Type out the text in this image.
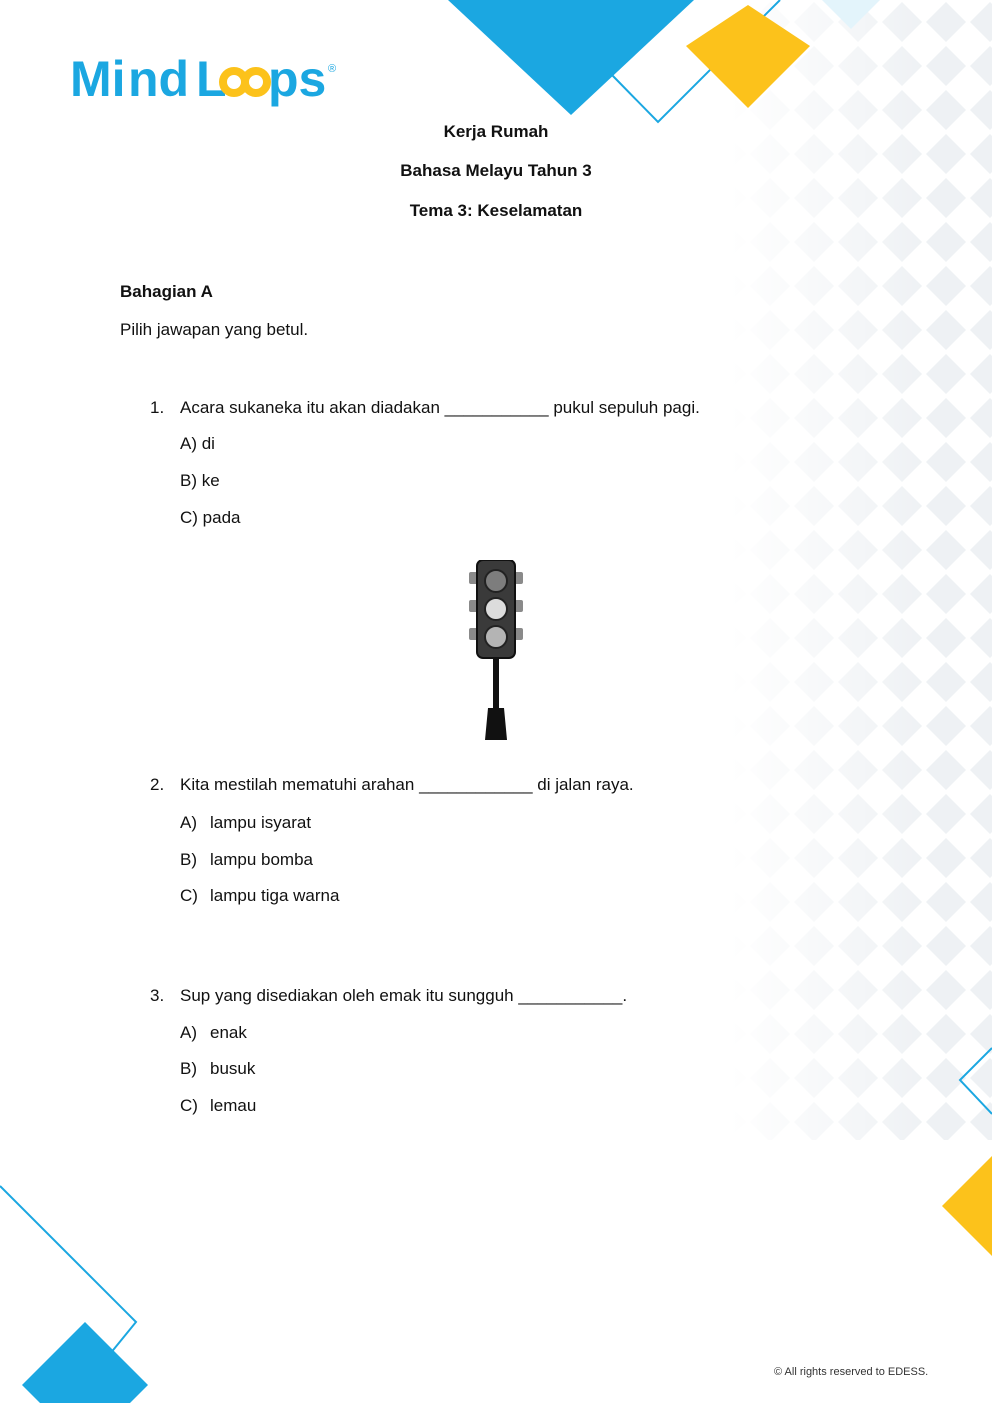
Mi nd L ps ®
Kerja Rumah
Bahasa Melayu Tahun 3
Tema 3: Keselamatan
Bahagian A
Pilih jawapan yang betul.
1. Acara sukaneka itu akan diadakan ___________ pukul sepuluh pagi.
A) di
B) ke
C) pada
2. Kita mestilah mematuhi arahan ____________ di jalan raya.
A) lampu isyarat
B) lampu bomba
C) lampu tiga warna
3. Sup yang disediakan oleh emak itu sungguh ___________.
A) enak
B) busuk
C) lemau
© All rights reserved to EDESS.
